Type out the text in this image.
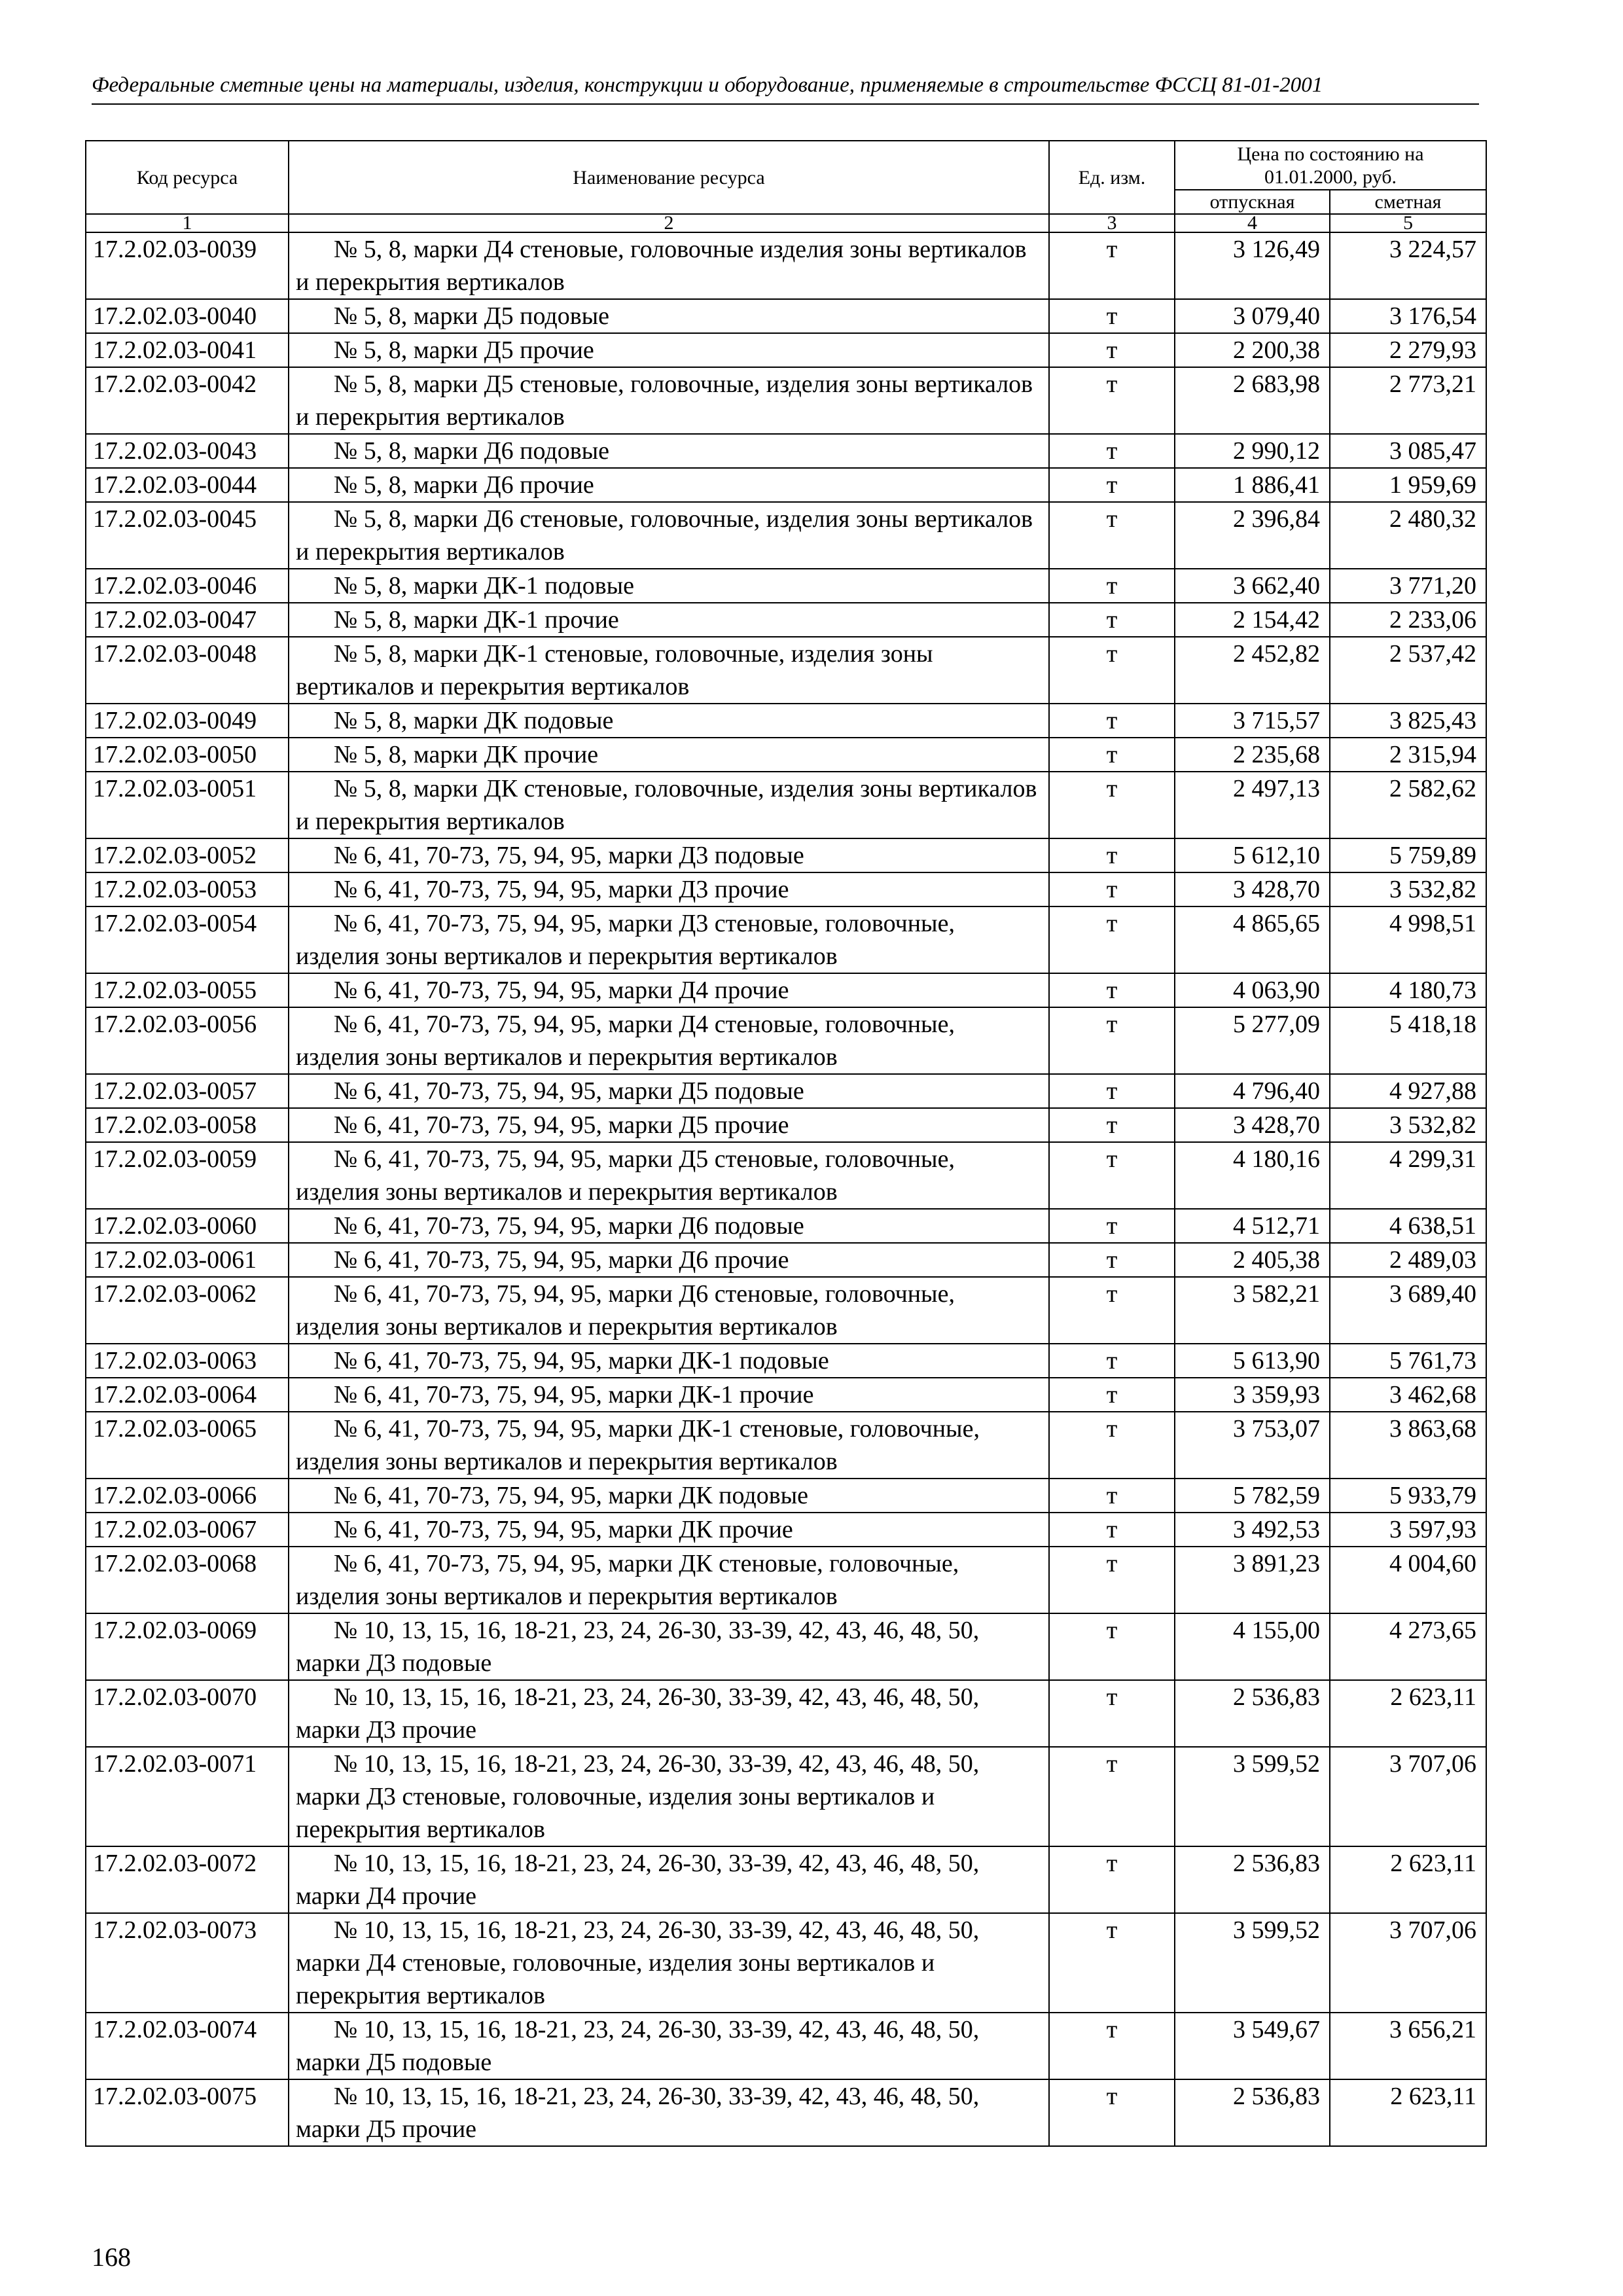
Федеральные сметные цены на материалы, изделия, конструкции и оборудование, применяемые в строительстве ФССЦ 81-01-2001
Код ресурса	Наименование ресурса	Ед. изм.	Цена по состоянию на
01.01.2000, руб.	

			отпускная	сметная
1	2	3	4	5
17.2.02.03-0039	№ 5, 8, марки Д4 стеновые, головочные изделия зоны вертикалов и перекрытия вертикалов	т	3 126,49	3 224,57
17.2.02.03-0040	№ 5, 8, марки Д5 подовые	т	3 079,40	3 176,54
17.2.02.03-0041	№ 5, 8, марки Д5 прочие	т	2 200,38	2 279,93
17.2.02.03-0042	№ 5, 8, марки Д5 стеновые, головочные, изделия зоны вертикалов и перекрытия вертикалов	т	2 683,98	2 773,21
17.2.02.03-0043	№ 5, 8, марки Д6 подовые	т	2 990,12	3 085,47
17.2.02.03-0044	№ 5, 8, марки Д6 прочие	т	1 886,41	1 959,69
17.2.02.03-0045	№ 5, 8, марки Д6 стеновые, головочные, изделия зоны вертикалов и перекрытия вертикалов	т	2 396,84	2 480,32
17.2.02.03-0046	№ 5, 8, марки ДК-1 подовые	т	3 662,40	3 771,20
17.2.02.03-0047	№ 5, 8, марки ДК-1 прочие	т	2 154,42	2 233,06
17.2.02.03-0048	№ 5, 8, марки ДК-1 стеновые, головочные, изделия зоны вертикалов и перекрытия вертикалов	т	2 452,82	2 537,42
17.2.02.03-0049	№ 5, 8, марки ДК подовые	т	3 715,57	3 825,43
17.2.02.03-0050	№ 5, 8, марки ДК прочие	т	2 235,68	2 315,94
17.2.02.03-0051	№ 5, 8, марки ДК стеновые, головочные, изделия зоны вертикалов и перекрытия вертикалов	т	2 497,13	2 582,62
17.2.02.03-0052	№ 6, 41, 70-73, 75, 94, 95, марки Д3 подовые	т	5 612,10	5 759,89
17.2.02.03-0053	№ 6, 41, 70-73, 75, 94, 95, марки Д3 прочие	т	3 428,70	3 532,82
17.2.02.03-0054	№ 6, 41, 70-73, 75, 94, 95, марки Д3 стеновые, головочные, изделия зоны вертикалов и перекрытия вертикалов	т	4 865,65	4 998,51
17.2.02.03-0055	№ 6, 41, 70-73, 75, 94, 95, марки Д4 прочие	т	4 063,90	4 180,73
17.2.02.03-0056	№ 6, 41, 70-73, 75, 94, 95, марки Д4 стеновые, головочные, изделия зоны вертикалов и перекрытия вертикалов	т	5 277,09	5 418,18
17.2.02.03-0057	№ 6, 41, 70-73, 75, 94, 95, марки Д5 подовые	т	4 796,40	4 927,88
17.2.02.03-0058	№ 6, 41, 70-73, 75, 94, 95, марки Д5 прочие	т	3 428,70	3 532,82
17.2.02.03-0059	№ 6, 41, 70-73, 75, 94, 95, марки Д5 стеновые, головочные, изделия зоны вертикалов и перекрытия вертикалов	т	4 180,16	4 299,31
17.2.02.03-0060	№ 6, 41, 70-73, 75, 94, 95, марки Д6 подовые	т	4 512,71	4 638,51
17.2.02.03-0061	№ 6, 41, 70-73, 75, 94, 95, марки Д6 прочие	т	2 405,38	2 489,03
17.2.02.03-0062	№ 6, 41, 70-73, 75, 94, 95, марки Д6 стеновые, головочные, изделия зоны вертикалов и перекрытия вертикалов	т	3 582,21	3 689,40
17.2.02.03-0063	№ 6, 41, 70-73, 75, 94, 95, марки ДК-1 подовые	т	5 613,90	5 761,73
17.2.02.03-0064	№ 6, 41, 70-73, 75, 94, 95, марки ДК-1 прочие	т	3 359,93	3 462,68
17.2.02.03-0065	№ 6, 41, 70-73, 75, 94, 95, марки ДК-1 стеновые, головочные, изделия зоны вертикалов и перекрытия вертикалов	т	3 753,07	3 863,68
17.2.02.03-0066	№ 6, 41, 70-73, 75, 94, 95, марки ДК подовые	т	5 782,59	5 933,79
17.2.02.03-0067	№ 6, 41, 70-73, 75, 94, 95, марки ДК прочие	т	3 492,53	3 597,93
17.2.02.03-0068	№ 6, 41, 70-73, 75, 94, 95, марки ДК стеновые, головочные, изделия зоны вертикалов и перекрытия вертикалов	т	3 891,23	4 004,60
17.2.02.03-0069	№ 10, 13, 15, 16, 18-21, 23, 24, 26-30, 33-39, 42, 43, 46, 48, 50, марки Д3 подовые	т	4 155,00	4 273,65
17.2.02.03-0070	№ 10, 13, 15, 16, 18-21, 23, 24, 26-30, 33-39, 42, 43, 46, 48, 50, марки Д3 прочие	т	2 536,83	2 623,11
17.2.02.03-0071	№ 10, 13, 15, 16, 18-21, 23, 24, 26-30, 33-39, 42, 43, 46, 48, 50, марки Д3 стеновые, головочные, изделия зоны вертикалов и перекрытия вертикалов	т	3 599,52	3 707,06
17.2.02.03-0072	№ 10, 13, 15, 16, 18-21, 23, 24, 26-30, 33-39, 42, 43, 46, 48, 50, марки Д4 прочие	т	2 536,83	2 623,11
17.2.02.03-0073	№ 10, 13, 15, 16, 18-21, 23, 24, 26-30, 33-39, 42, 43, 46, 48, 50, марки Д4 стеновые, головочные, изделия зоны вертикалов и перекрытия вертикалов	т	3 599,52	3 707,06
17.2.02.03-0074	№ 10, 13, 15, 16, 18-21, 23, 24, 26-30, 33-39, 42, 43, 46, 48, 50, марки Д5 подовые	т	3 549,67	3 656,21
17.2.02.03-0075	№ 10, 13, 15, 16, 18-21, 23, 24, 26-30, 33-39, 42, 43, 46, 48, 50, марки Д5 прочие	т	2 536,83	2 623,11
168
